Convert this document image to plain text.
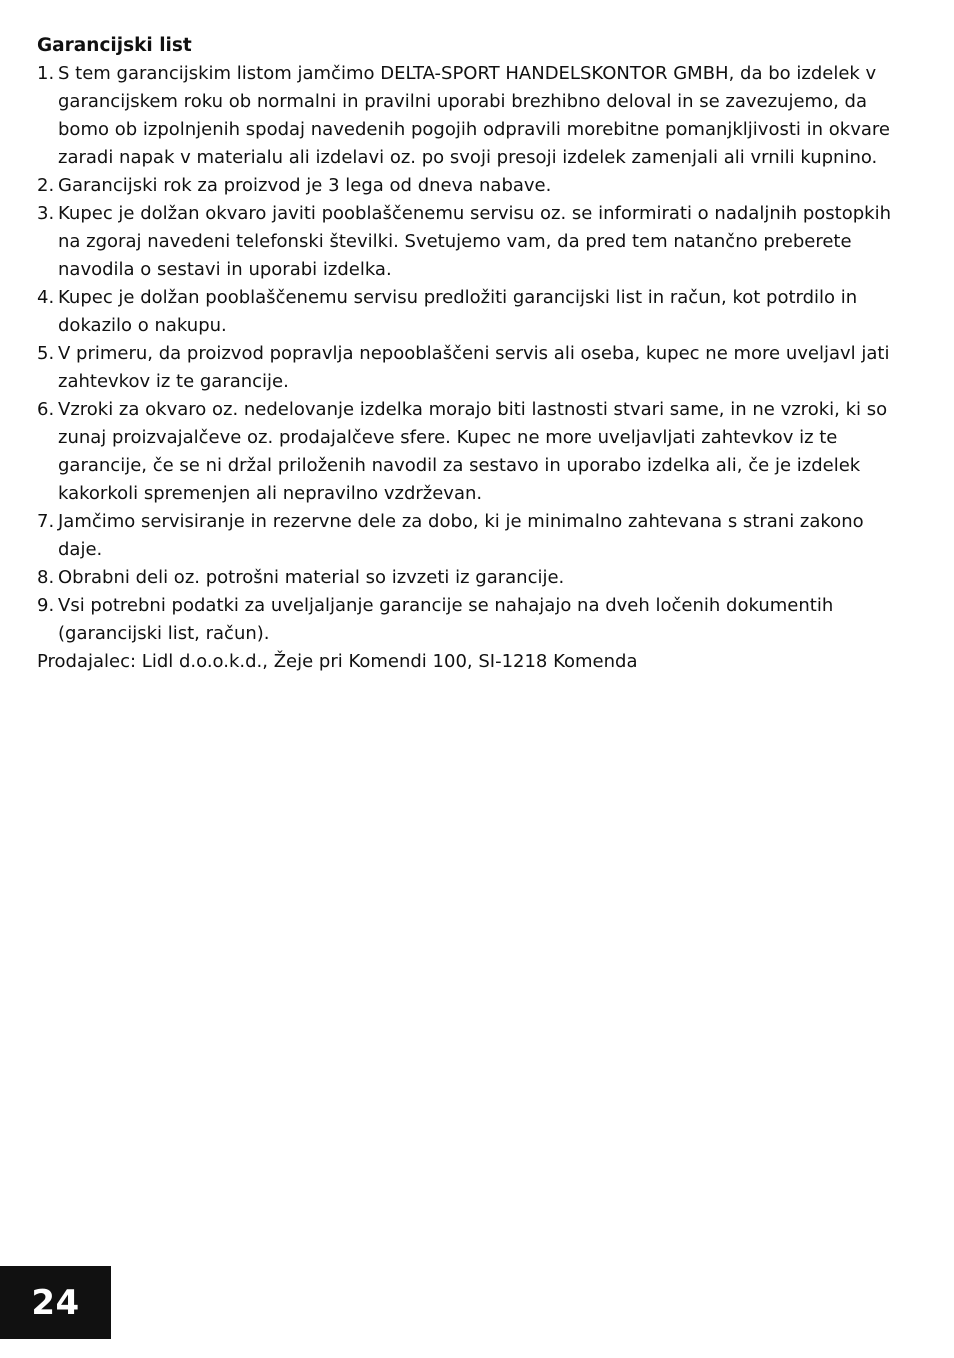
Garancijski list

1. S tem garancijskim listom jamčimo DELTA-SPORT HANDELSKONTOR GMBH, da bo izdelek v garancijskem roku ob normalni in pravilni uporabi brezhibno deloval in se zavezujemo, da bomo ob izpolnjenih spodaj navedenih pogojih odpravili morebitne pomanjkljivosti in okvare zaradi napak v materialu ali izdelavi oz. po svoji presoji izdelek zamenjali ali vrnili kupnino.
2. Garancijski rok za proizvod je 3 lega od dneva nabave.
3. Kupec je dolžan okvaro javiti pooblaščenemu servisu oz. se informirati o nadaljnih postopkih na zgoraj navedeni telefonski številki. Svetujemo vam, da pred tem natančno preberete navodila o sestavi in uporabi izdelka.
4. Kupec je dolžan pooblaščenemu servisu predložiti garancijski list in račun, kot potrdilo in dokazilo o nakupu.
5. V primeru, da proizvod popravlja nepooblaščeni servis ali oseba, kupec ne more uveljavl jati zahtevkov iz te garancije.
6. Vzroki za okvaro oz. nedelovanje izdelka morajo biti lastnosti stvari same, in ne vzroki, ki so zunaj proizvajalčeve oz. prodajalčeve sfere. Kupec ne more uveljavljati zahtevkov iz te garancije, če se ni držal priloženih navodil za sestavo in uporabo izdelka ali, če je izdelek kakorkoli spremenjen ali nepravilno vzdrževan.
7. Jamčimo servisiranje in rezervne dele za dobo, ki je minimalno zahtevana s strani zakono daje.
8. Obrabni deli oz. potrošni material so izvzeti iz garancije.
9. Vsi potrebni podatki za uveljaljanje garancije se nahajajo na dveh ločenih dokumentih (garancijski list, račun).

Prodajalec: Lidl d.o.o.k.d., Žeje pri Komendi 100, SI-1218 Komenda

24
